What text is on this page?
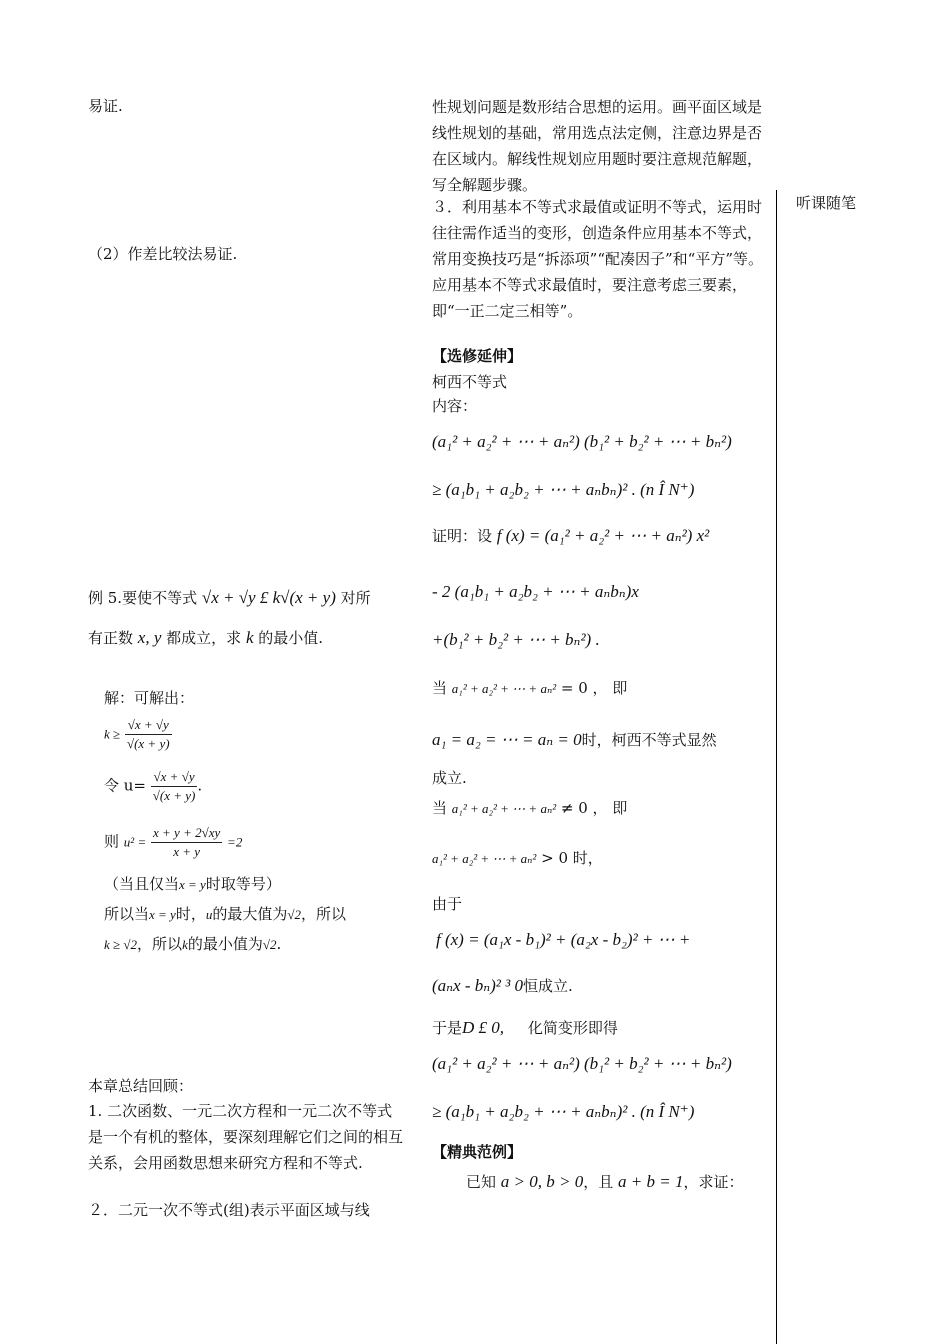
听课随笔
易证.
（2）作差比较法易证.
例 5.要使不等式 √x + √y £ k√(x + y) 对所
有正数 x, y 都成立，求 k 的最小值.
解：可解出：
$k \ge \frac{√x + √y}{√(x + y)}$
令 $u= \frac{√x + √y}{√(x + y)}$ .
则 $u^2 = \frac{x + y + 2√xy}{x + y} =2$
（当且仅当x = y时取等号）
所以当x = y时，u的最大值为√2，所以
k ≥ √2，所以k的最小值为√2.
本章总结回顾：
1. 二次函数、一元二次方程和一元二次不等式是一个有机的整体，要深刻理解它们之间的相互关系，会用函数思想来研究方程和不等式.
２．二元一次不等式(组)表示平面区域与线
性规划问题是数形结合思想的运用。画平面区域是线性规划的基础，常用选点法定侧，注意边界是否在区域内。解线性规划应用题时要注意规范解题，写全解题步骤。
３．利用基本不等式求最值或证明不等式，运用时往往需作适当的变形，创造条件应用基本不等式，常用变换技巧是“拆添项”“配凑因子”和“平方”等。应用基本不等式求最值时，要注意考虑三要素，即“一正二定三相等”。
【选修延伸】
柯西不等式
内容：
(a₁² + a₂² + ⋯ + aₙ²) (b₁² + b₂² + ⋯ + bₙ²)
≥ (a₁b₁ + a₂b₂ + ⋯ + aₙbₙ)² . (n Î N⁺)
证明：设 f (x) = (a₁² + a₂² + ⋯ + aₙ²) x²
- 2 (a₁b₁ + a₂b₂ + ⋯ + aₙbₙ)x
+(b₁² + b₂² + ⋯ + bₙ²) .
当 a₁² + a₂² + ⋯ + aₙ² = 0 ， 即
a₁ = a₂ = ⋯ = aₙ = 0时，柯西不等式显然
成立.
当 a₁² + a₂² + ⋯ + aₙ² ≠ 0 ， 即
a₁² + a₂² + ⋯ + aₙ² > 0 时，
由于
f (x) = (a₁x - b₁)² + (a₂x - b₂)² + ⋯ +
(aₙx - bₙ)² ³ 0恒成立.
于是D £ 0, 化简变形即得
(a₁² + a₂² + ⋯ + aₙ²) (b₁² + b₂² + ⋯ + bₙ²)
≥ (a₁b₁ + a₂b₂ + ⋯ + aₙbₙ)² . (n Î N⁺)
【精典范例】
已知 a > 0, b > 0，且 a + b = 1，求证：
